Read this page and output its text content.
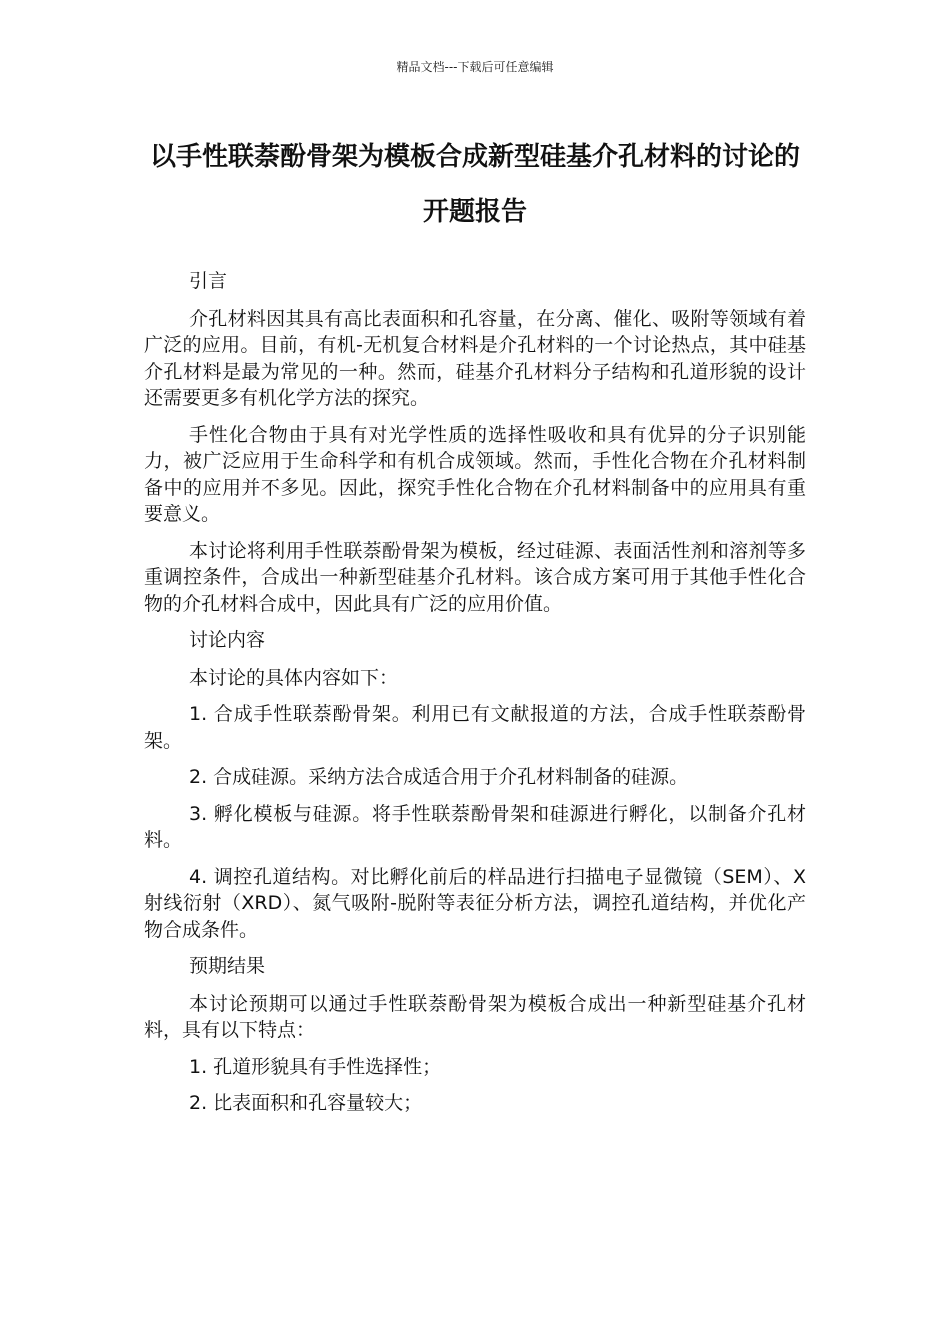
精品文档---下载后可任意编辑
以手性联萘酚骨架为模板合成新型硅基介孔材料的讨论的开题报告

引言

介孔材料因其具有高比表面积和孔容量，在分离、催化、吸附等领域有着广泛的应用。目前，有机-无机复合材料是介孔材料的一个讨论热点，其中硅基介孔材料是最为常见的一种。然而，硅基介孔材料分子结构和孔道形貌的设计还需要更多有机化学方法的探究。

手性化合物由于具有对光学性质的选择性吸收和具有优异的分子识别能力，被广泛应用于生命科学和有机合成领域。然而，手性化合物在介孔材料制备中的应用并不多见。因此，探究手性化合物在介孔材料制备中的应用具有重要意义。

本讨论将利用手性联萘酚骨架为模板，经过硅源、表面活性剂和溶剂等多重调控条件，合成出一种新型硅基介孔材料。该合成方案可用于其他手性化合物的介孔材料合成中，因此具有广泛的应用价值。

讨论内容

本讨论的具体内容如下：

1. 合成手性联萘酚骨架。利用已有文献报道的方法，合成手性联萘酚骨架。

2. 合成硅源。采纳方法合成适合用于介孔材料制备的硅源。

3. 孵化模板与硅源。将手性联萘酚骨架和硅源进行孵化，以制备介孔材料。

4. 调控孔道结构。对比孵化前后的样品进行扫描电子显微镜（SEM）、X 射线衍射（XRD）、氮气吸附-脱附等表征分析方法，调控孔道结构，并优化产物合成条件。

预期结果

本讨论预期可以通过手性联萘酚骨架为模板合成出一种新型硅基介孔材料，具有以下特点：

1. 孔道形貌具有手性选择性；

2. 比表面积和孔容量较大；
